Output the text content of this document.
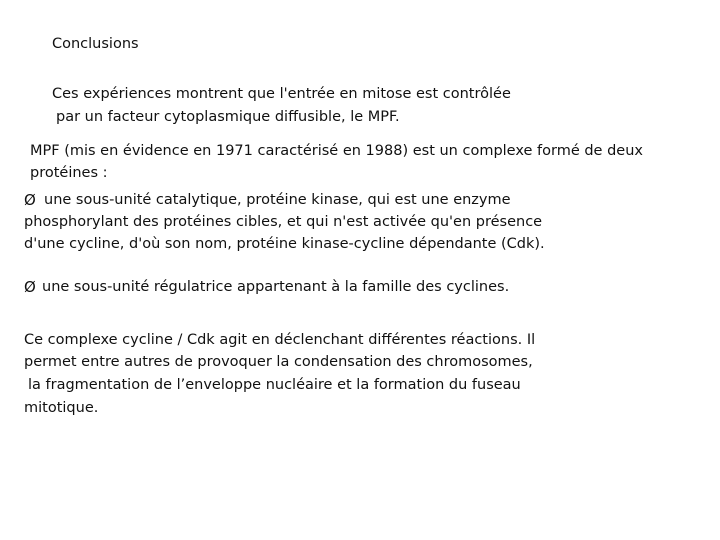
Conclusions
Ces expériences montrent que l'entrée en mitose est contrôlée
par un facteur cytoplasmique diffusible, le MPF.
MPF (mis en évidence en 1971 caractérisé en 1988) est un complexe formé de deux
protéines :
Ø une sous-unité catalytique, protéine kinase, qui est une enzyme
phosphorylant des protéines cibles, et qui n'est activée qu'en présence
d'une cycline, d'où son nom, protéine kinase-cycline dépendante (Cdk).
Ø une sous-unité régulatrice appartenant à la famille des cyclines.
Ce complexe cycline / Cdk agit en déclenchant différentes réactions. Il
permet entre autres de provoquer la condensation des chromosomes,
la fragmentation de l’enveloppe nucléaire et la formation du fuseau
mitotique.
